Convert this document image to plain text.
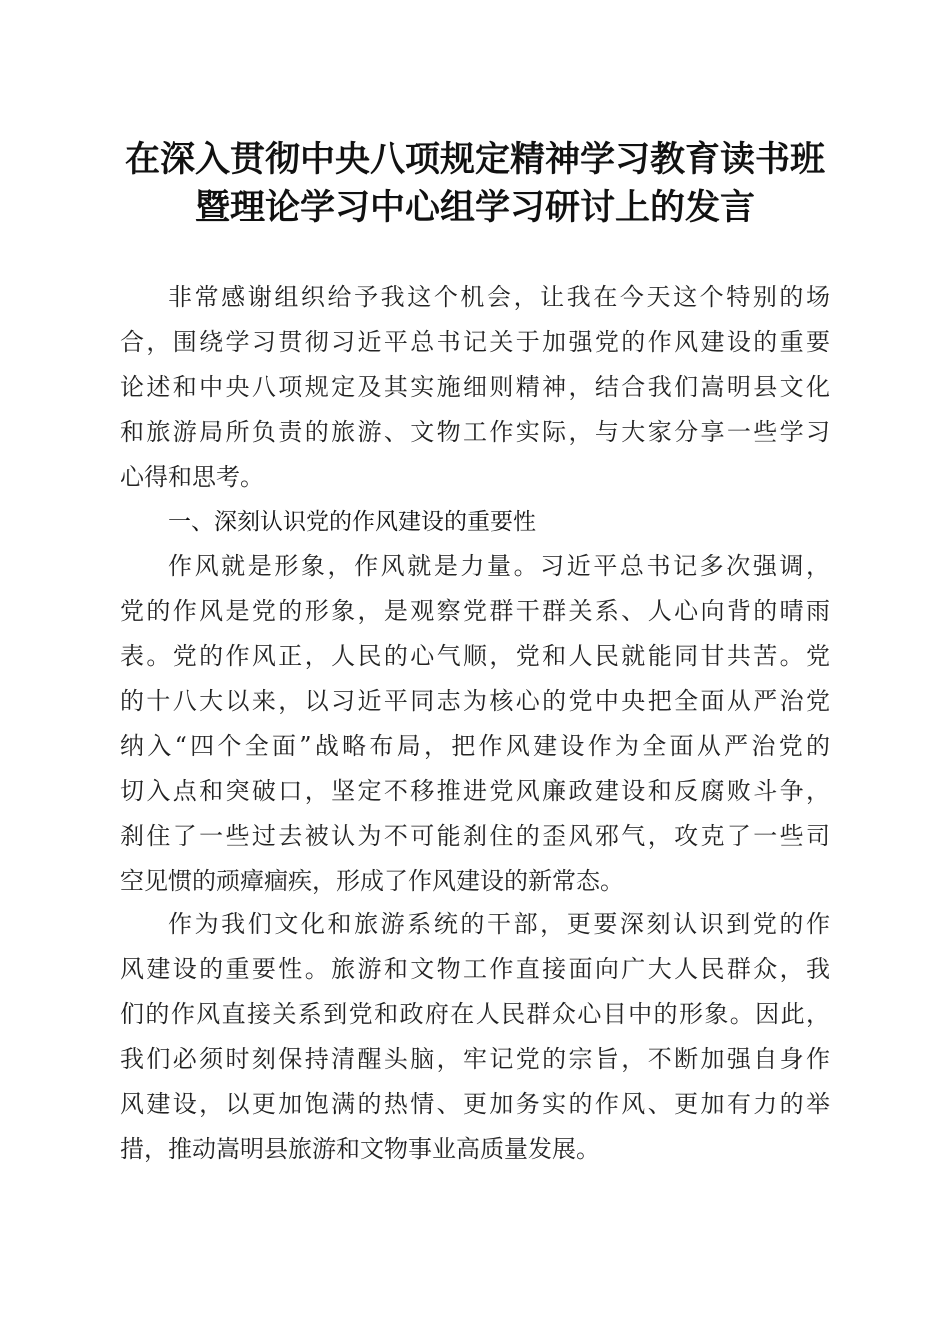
在深入贯彻中央八项规定精神学习教育读书班
暨理论学习中心组学习研讨上的发言
非常感谢组织给予我这个机会，让我在今天这个特别的场
合，围绕学习贯彻习近平总书记关于加强党的作风建设的重要
论述和中央八项规定及其实施细则精神，结合我们嵩明县文化
和旅游局所负责的旅游、文物工作实际，与大家分享一些学习
心得和思考。
一、深刻认识党的作风建设的重要性
作风就是形象，作风就是力量。习近平总书记多次强调，
党的作风是党的形象，是观察党群干群关系、人心向背的晴雨
表。党的作风正，人民的心气顺，党和人民就能同甘共苦。党
的十八大以来，以习近平同志为核心的党中央把全面从严治党
纳入“四个全面”战略布局，把作风建设作为全面从严治党的
切入点和突破口，坚定不移推进党风廉政建设和反腐败斗争，
刹住了一些过去被认为不可能刹住的歪风邪气，攻克了一些司
空见惯的顽瘴痼疾，形成了作风建设的新常态。
作为我们文化和旅游系统的干部，更要深刻认识到党的作
风建设的重要性。旅游和文物工作直接面向广大人民群众，我
们的作风直接关系到党和政府在人民群众心目中的形象。因此，
我们必须时刻保持清醒头脑，牢记党的宗旨，不断加强自身作
风建设，以更加饱满的热情、更加务实的作风、更加有力的举
措，推动嵩明县旅游和文物事业高质量发展。
